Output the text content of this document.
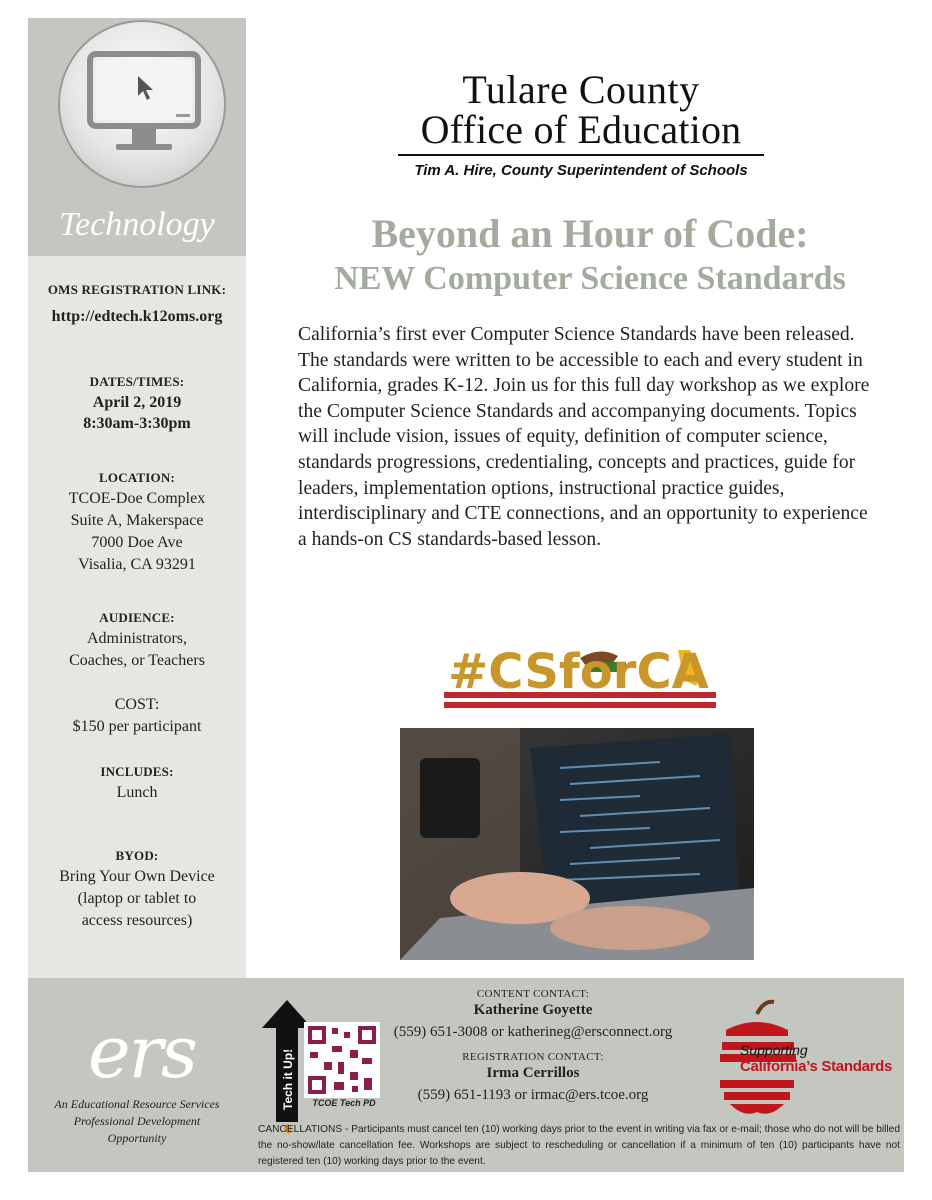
Technology
OMS REGISTRATION LINK:
http://edtech.k12oms.org
DATES/TIMES:
April 2, 2019
8:30am-3:30pm
LOCATION:
TCOE-Doe Complex
Suite A, Makerspace
7000 Doe Ave
Visalia, CA 93291
AUDIENCE:
Administrators,
Coaches, or Teachers
COST:
$150 per participant
INCLUDES:
Lunch
BYOD:
Bring Your Own Device
(laptop or tablet to
access resources)
Tulare County
Office of Education
Tim A. Hire, County Superintendent of Schools
Beyond an Hour of Code:
NEW Computer Science Standards
California’s first ever Computer Science Standards have been released. The standards were written to be accessible to each and every student in California, grades K-12. Join us for this full day workshop as we explore the Computer Science Standards and accompanying documents. Topics will include vision, issues of equity, definition of computer science, standards progressions, credentialing, concepts and practices, guide for leaders, implementation options, instructional practice guides, interdisciplinary and CTE connections, and an opportunity to experience a hands-on CS standards-based lesson.
#CSforCA
ers
An Educational Resource Services
Professional Development
Opportunity
Tech it Up!	TCOE Tech PD
CONTENT CONTACT:
Katherine Goyette
(559) 651-3008 or katherineg@ersconnect.org
REGISTRATION CONTACT:
Irma Cerrillos
(559) 651-1193 or irmac@ers.tcoe.org
Supporting
California’s Standards
CANCELLATIONS - Participants must cancel ten (10) working days prior to the event in writing via fax or e-mail; those who do not will be billed the no-show/late cancellation fee. Workshops are subject to rescheduling or cancellation if a minimum of ten (10) participants have not registered ten (10) working days prior to the event.
